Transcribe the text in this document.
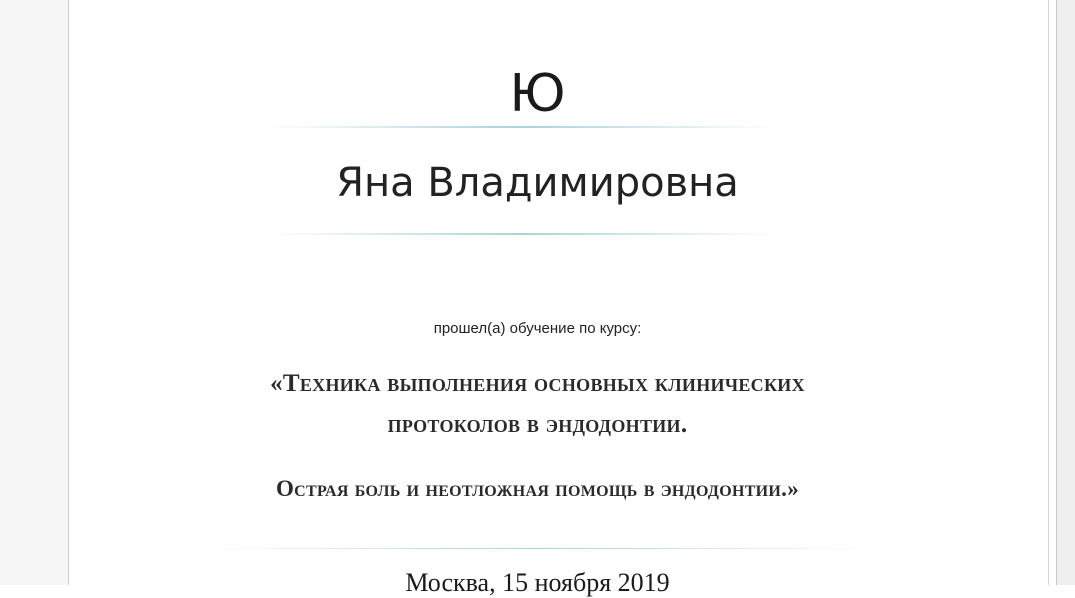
Ю
Яна Владимировна
прошел(а) обучение по курсу:
«Техника выполнения основных клинических
протоколов в эндодонтии.
Острая боль и неотложная помощь в эндодонтии.»
Москва, 15 ноября 2019
